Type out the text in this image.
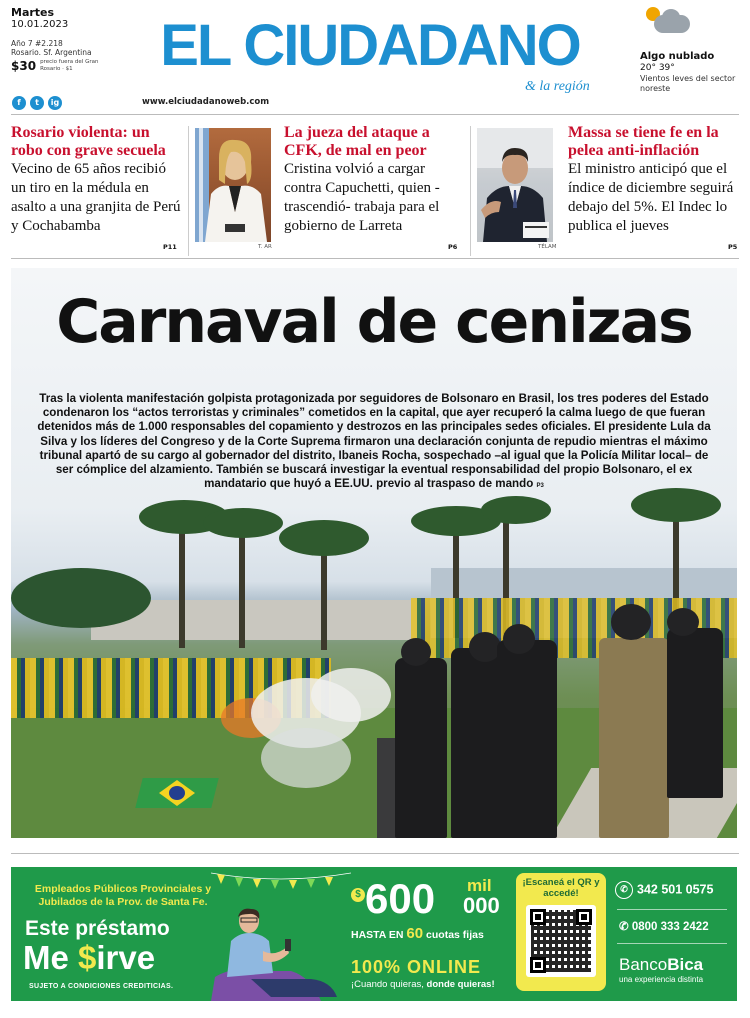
Martes
10.01.2023
Año 7 #2.218
Rosario. Sf. Argentina
$30 precio fuera del Gran Rosario · $1	EL CIUDADANO
& la región
f	t	ig	www.elciudadanoweb.com
Algo nublado
20° 39°
Vientos leves del sector noreste
Rosario violenta: un robo con grave secuela
Vecino de 65 años recibió un tiro en la médula en asalto a una granjita de Perú y Cochabamba
P11	T. AR
La jueza del ataque a CFK, de mal en peor
Cristina volvió a cargar contra Capuchetti, quien -trascendió- trabaja para el gobierno de Larreta
P6	TÉLAM
Massa se tiene fe en la pelea anti-inflación
El ministro anticipó que el índice de diciembre seguirá debajo del 5%. El Indec lo publica el jueves
P5
Carnaval de cenizas
Tras la violenta manifestación golpista protagonizada por seguidores de Bolsonaro en Brasil, los tres poderes del Estado condenaron los “actos terroristas y criminales” cometidos en la capital, que ayer recuperó la calma luego de que fueran detenidos más de 1.000 responsables del copamiento y destrozos en las principales sedes oficiales. El presidente Lula da Silva y los líderes del Congreso y de la Corte Suprema firmaron una declaración conjunta de repudio mientras el máximo tribunal apartó de su cargo al gobernador del distrito, Ibaneis Rocha, sospechado –al igual que la Policía Militar local– de ser cómplice del alzamiento. También se buscará investigar la eventual responsabilidad del propio Bolsonaro, el ex mandatario que huyó a EE.UU. previo al traspaso de mando P3
Empleados Públicos Provinciales y Jubilados de la Prov. de Santa Fe.
Este préstamo
Me $irve
SUJETO A CONDICIONES CREDITICIAS.
$ 600 mil
000
HASTA EN 60 cuotas fijas
100% ONLINE
¡Cuando quieras, donde quieras!
¡Escaneá el QR y accedé!	✆ 342 501 0575
✆ 0800 333 2422
BancoBica
una experiencia distinta
